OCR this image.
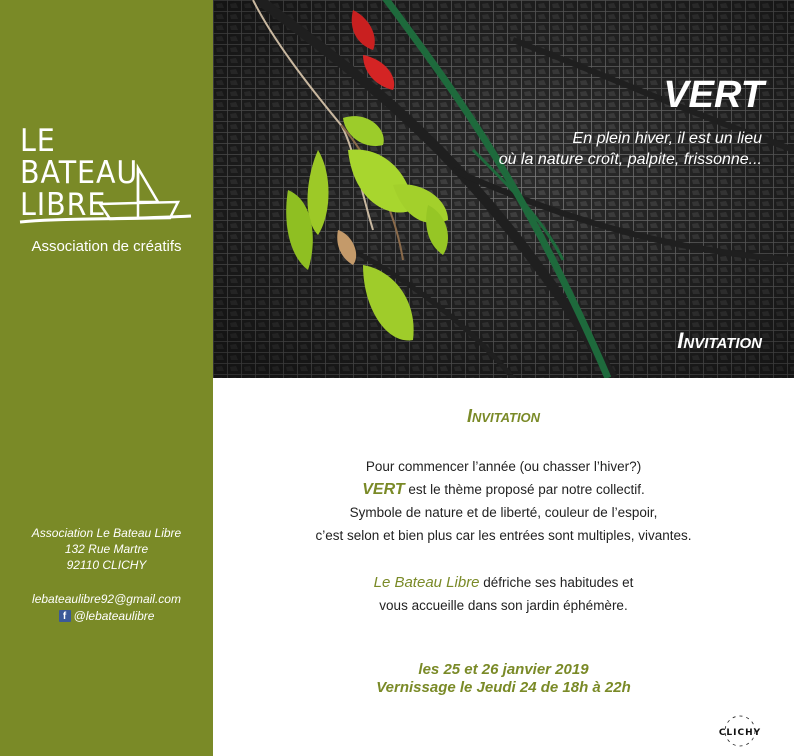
LE BATEAU
LIBRE
Association de créatifs
Association Le Bateau Libre
132 Rue Martre
92110 CLICHY
lebateaulibre92@gmail.com
f @lebateaulibre
VERT
En plein hiver, il est un lieu
où la nature croît, palpite, frissonne...
Invitation
Invitation
Pour commencer l’année (ou chasser l’hiver?)
VERT est le thème proposé par notre collectif.
Symbole de nature et de liberté, couleur de l’espoir,
c’est selon et bien plus car les entrées sont multiples, vivantes.
Le Bateau Libre défriche ses habitudes et
vous accueille dans son jardin éphémère.
les 25 et 26 janvier 2019
Vernissage le Jeudi 24 de 18h à 22h
CLICHY
